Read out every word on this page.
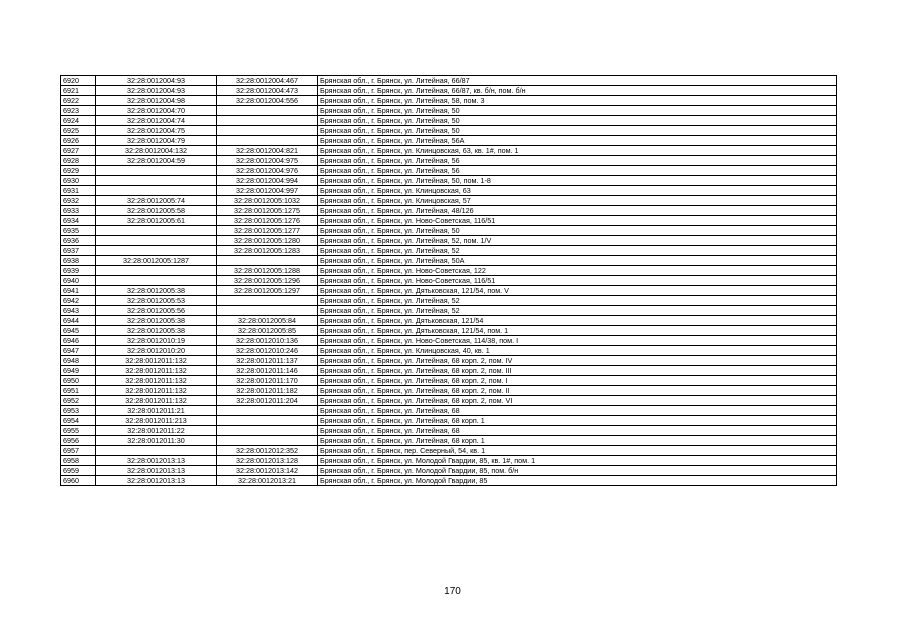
6920	32:28:0012004:93	32:28:0012004:467	Брянская обл., г. Брянск, ул. Литейная, 66/87
6921	32:28:0012004:93	32:28:0012004:473	Брянская обл., г. Брянск, ул. Литейная, 66/87, кв. б/н, пом. б/н
6922	32:28:0012004:98	32:28:0012004:556	Брянская обл., г. Брянск, ул. Литейная, 58, пом. 3
6923	32:28:0012004:70		Брянская обл., г. Брянск, ул. Литейная, 50
6924	32:28:0012004:74		Брянская обл., г. Брянск, ул. Литейная, 50
6925	32:28:0012004:75		Брянская обл., г. Брянск, ул. Литейная, 50
6926	32:28:0012004:79		Брянская обл., г. Брянск, ул. Литейная, 56А
6927	32:28:0012004:132	32:28:0012004:821	Брянская обл., г. Брянск, ул. Клинцовская, 63, кв. 1#, пом. 1
6928	32:28:0012004:59	32:28:0012004:975	Брянская обл., г. Брянск, ул. Литейная, 56
6929		32:28:0012004:976	Брянская обл., г. Брянск, ул. Литейная, 56
6930		32:28:0012004:994	Брянская обл., г. Брянск, ул. Литейная, 50, пом. 1-8
6931		32:28:0012004:997	Брянская обл., г. Брянск, ул. Клинцовская, 63
6932	32:28:0012005:74	32:28:0012005:1032	Брянская обл., г. Брянск, ул. Клинцовская, 57
6933	32:28:0012005:58	32:28:0012005:1275	Брянская обл., г. Брянск, ул. Литейная, 48/126
6934	32:28:0012005:61	32:28:0012005:1276	Брянская обл., г. Брянск, ул. Ново-Советская, 116/51
6935		32:28:0012005:1277	Брянская обл., г. Брянск, ул. Литейная, 50
6936		32:28:0012005:1280	Брянская обл., г. Брянск, ул. Литейная, 52, пом. 1/V
6937		32:28:0012005:1283	Брянская обл., г. Брянск, ул. Литейная, 52
6938	32:28:0012005:1287		Брянская обл., г. Брянск, ул. Литейная, 50А
6939		32:28:0012005:1288	Брянская обл., г. Брянск, ул. Ново-Советская, 122
6940		32:28:0012005:1296	Брянская обл., г. Брянск, ул. Ново-Советская, 116/51
6941	32:28:0012005:38	32:28:0012005:1297	Брянская обл., г. Брянск, ул. Дятьковская, 121/54, пом. V
6942	32:28:0012005:53		Брянская обл., г. Брянск, ул. Литейная, 52
6943	32:28:0012005:56		Брянская обл., г. Брянск, ул. Литейная, 52
6944	32:28:0012005:38	32:28:0012005:84	Брянская обл., г. Брянск, ул. Дятьковская, 121/54
6945	32:28:0012005:38	32:28:0012005:85	Брянская обл., г. Брянск, ул. Дятьковская, 121/54, пом. 1
6946	32:28:0012010:19	32:28:0012010:136	Брянская обл., г. Брянск, ул. Ново-Советская, 114/38, пом. I
6947	32:28:0012010:20	32:28:0012010:246	Брянская обл., г. Брянск, ул. Клинцовская, 40, кв. 1
6948	32:28:0012011:132	32:28:0012011:137	Брянская обл., г. Брянск, ул. Литейная, 68 корп. 2, пом. IV
6949	32:28:0012011:132	32:28:0012011:146	Брянская обл., г. Брянск, ул. Литейная, 68 корп. 2, пом. III
6950	32:28:0012011:132	32:28:0012011:170	Брянская обл., г. Брянск, ул. Литейная, 68 корп. 2, пом. I
6951	32:28:0012011:132	32:28:0012011:182	Брянская обл., г. Брянск, ул. Литейная, 68 корп. 2, пом. II
6952	32:28:0012011:132	32:28:0012011:204	Брянская обл., г. Брянск, ул. Литейная, 68 корп. 2, пом. VI
6953	32:28:0012011:21		Брянская обл., г. Брянск, ул. Литейная, 68
6954	32:28:0012011:213		Брянская обл., г. Брянск, ул. Литейная, 68 корп. 1
6955	32:28:0012011:22		Брянская обл., г. Брянск, ул. Литейная, 68
6956	32:28:0012011:30		Брянская обл., г. Брянск, ул. Литейная, 68 корп. 1
6957		32:28:0012012:352	Брянская обл., г. Брянск, пер. Северный, 54, кв. 1
6958	32:28:0012013:13	32:28:0012013:128	Брянская обл., г. Брянск, ул. Молодой Гвардии, 85, кв. 1#, пом. 1
6959	32:28:0012013:13	32:28:0012013:142	Брянская обл., г. Брянск, ул. Молодой Гвардии, 85, пом. б/н
6960	32:28:0012013:13	32:28:0012013:21	Брянская обл., г. Брянск, ул. Молодой Гвардии, 85
170
